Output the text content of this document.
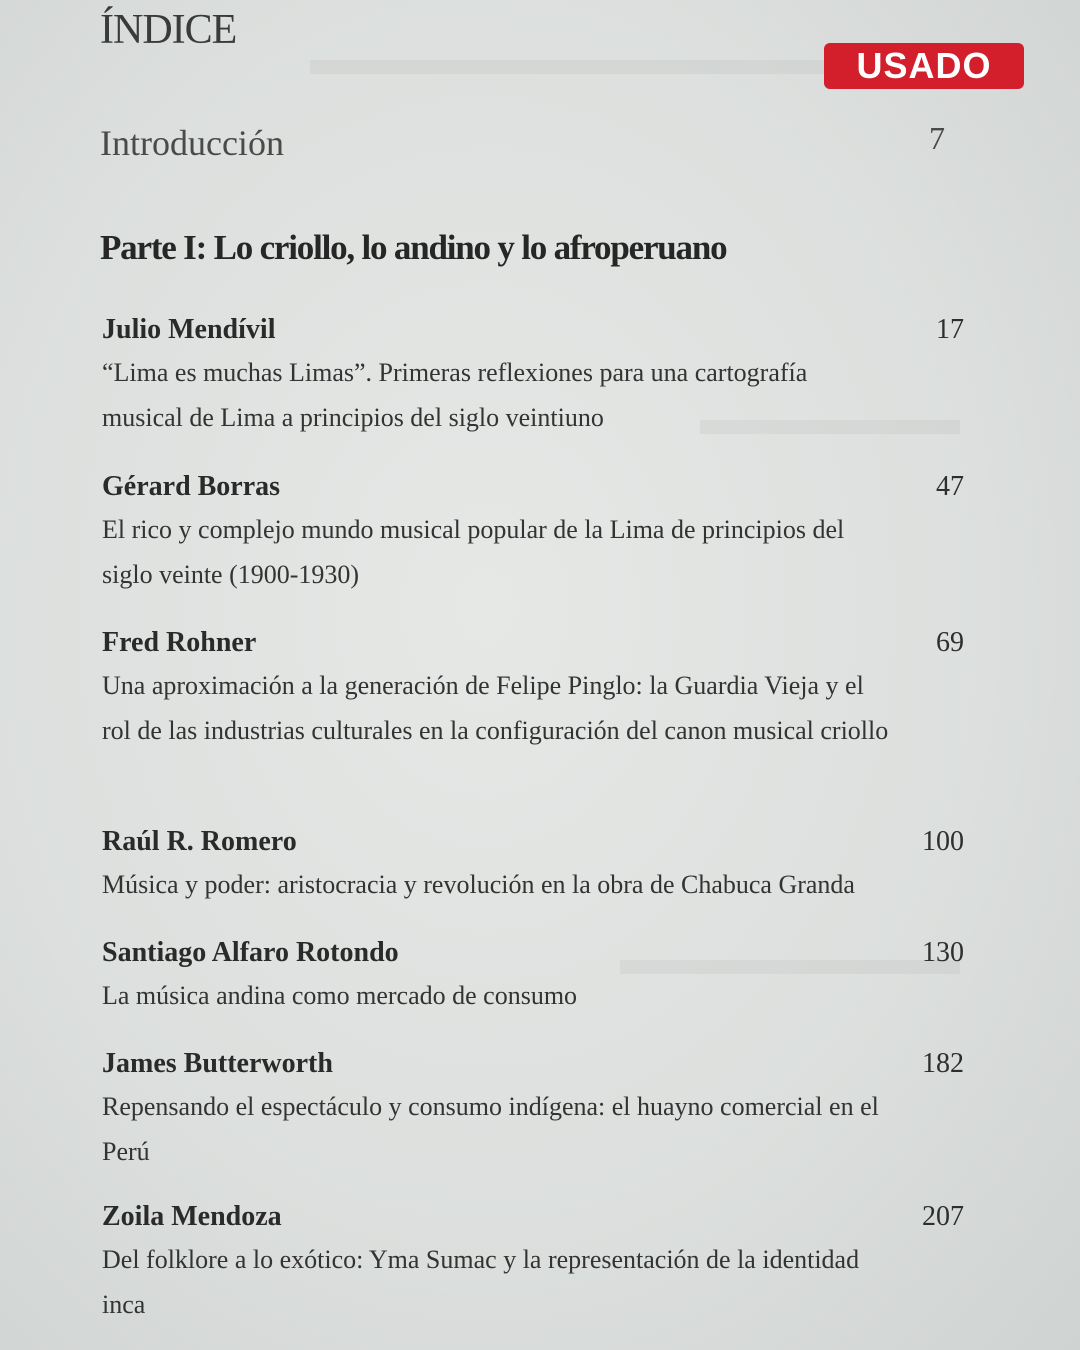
ÍNDICE
USADO
Introducción	7
Parte I: Lo criollo, lo andino y lo afroperuano
Julio Mendívil	17
“Lima es muchas Limas”. Primeras reflexiones para una cartografía musical de Lima a principios del siglo veintiuno
Gérard Borras	47
El rico y complejo mundo musical popular de la Lima de principios del siglo veinte (1900-1930)
Fred Rohner	69
Una aproximación a la generación de Felipe Pinglo: la Guardia Vieja y el rol de las industrias culturales en la configuración del canon musical criollo
Raúl R. Romero	100
Música y poder: aristocracia y revolución en la obra de Chabuca Granda
Santiago Alfaro Rotondo	130
La música andina como mercado de consumo
James Butterworth	182
Repensando el espectáculo y consumo indígena: el huayno comercial en el Perú
Zoila Mendoza	207
Del folklore a lo exótico: Yma Sumac y la representación de la identidad inca
